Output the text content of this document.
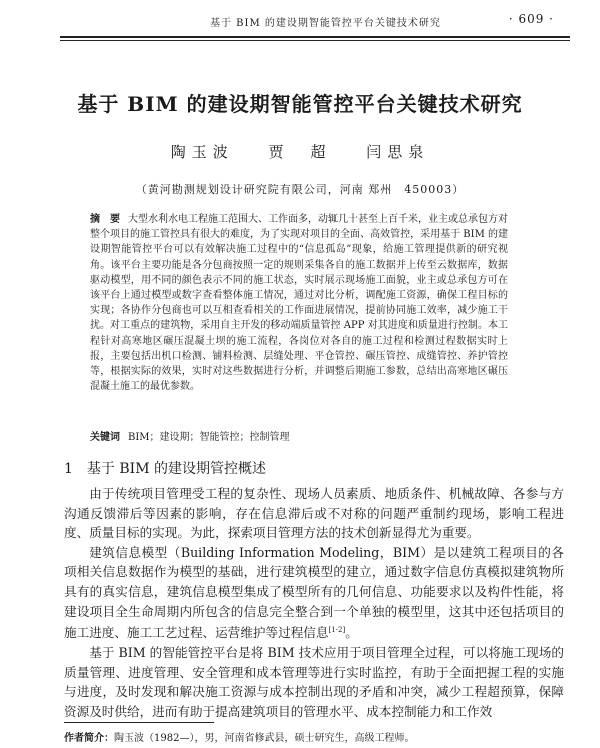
基于 BIM 的建设期智能管控平台关键技术研究	· 609 ·
基于 BIM 的建设期智能管控平台关键技术研究
陶玉波 贾　超 闫思泉
（黄河勘测规划设计研究院有限公司，河南 郑州　450003）
摘　要 大型水利水电工程施工范围大、工作面多，动辄几十甚至上百千米，业主或总承包方对整个项目的施工管控具有很大的难度，为了实现对项目的全面、高效管控，采用基于 BIM 的建设期智能管控平台可以有效解决施工过程中的“信息孤岛”现象，给施工管理提供新的研究视角。该平台主要功能是各分包商按照一定的规则采集各自的施工数据并上传至云数据库，数据驱动模型，用不同的颜色表示不同的施工状态，实时展示现场施工面貌，业主或总承包方可在该平台上通过模型或数字查看整体施工情况，通过对比分析，调配施工资源，确保工程目标的实现；各协作分包商也可以互相查看相关的工作面进展情况，提前协同施工效率，减少施工干扰。对工重点的建筑物，采用自主开发的移动端质量管控 APP 对其进度和质量进行控制。本工程针对高寒地区碾压混凝土坝的施工流程，各岗位对各自的施工过程和检测过程数据实时上报，主要包括出机口检测、铺料检测、层缝处理、平仓管控、碾压管控、成缝管控、养护管控等，根据实际的效果，实时对这些数据进行分析，并调整后期施工参数，总结出高寒地区碾压混凝土施工的最优参数。
关键词 BIM；建设期；智能管控；控制管理
1 基于 BIM 的建设期管控概述

由于传统项目管理受工程的复杂性、现场人员素质、地质条件、机械故障、各参与方沟通反馈滞后等因素的影响，存在信息滞后或不对称的问题严重制约现场，影响工程进度、质量目标的实现。为此，探索项目管理方法的技术创新显得尤为重要。

建筑信息模型（Building Information Modeling，BIM）是以建筑工程项目的各项相关信息数据作为模型的基础，进行建筑模型的建立，通过数字信息仿真模拟建筑物所具有的真实信息，建筑信息模型集成了模型所有的几何信息、功能要求以及构件性能，将建设项目全生命周期内所包含的信息完全整合到一个单独的模型里，这其中还包括项目的施工进度、施工工艺过程、运营维护等过程信息[1-2]。

基于 BIM 的智能管控平台是将 BIM 技术应用于项目管理全过程，可以将施工现场的质量管理、进度管理、安全管理和成本管理等进行实时监控，有助于全面把握工程的实施与进度，及时发现和解决施工资源与成本控制出现的矛盾和冲突，减少工程超预算，保障资源及时供给，进而有助于提高建筑项目的管理水平、成本控制能力和工作效

作者简介：陶玉波（1982—），男，河南省修武县，硕士研究生，高级工程师。
